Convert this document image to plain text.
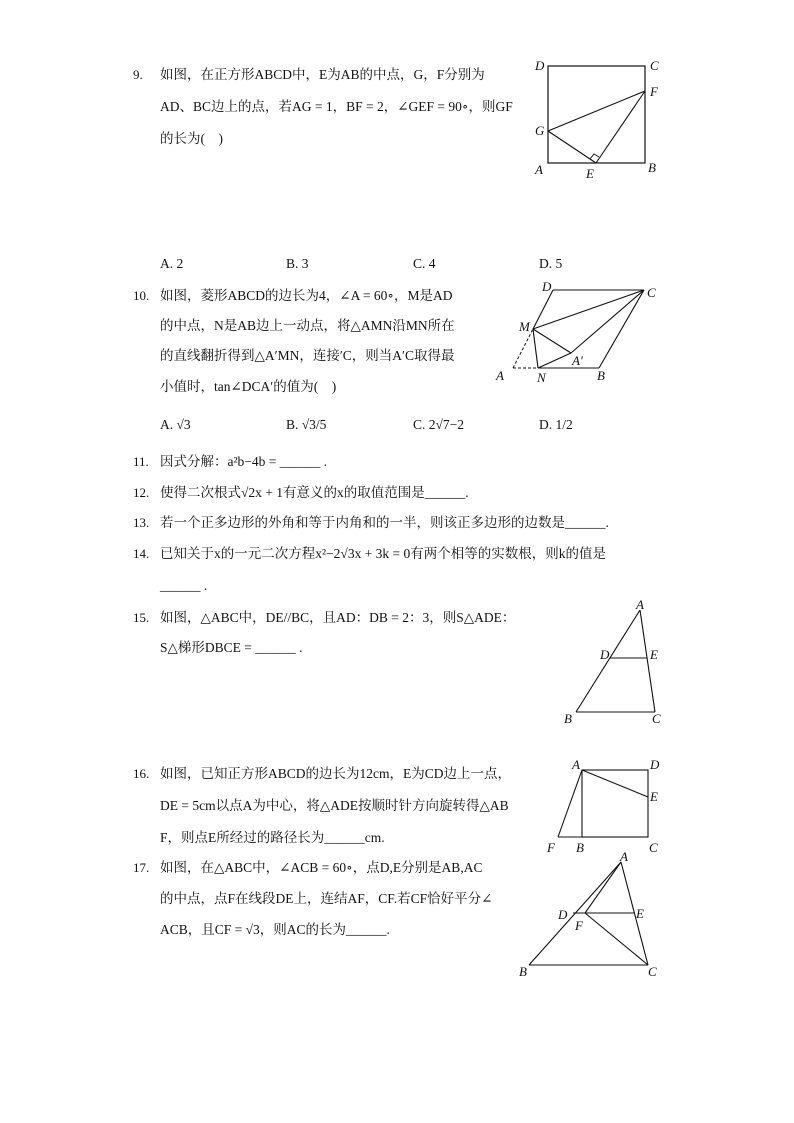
9. 如图，在正方形ABCD中，E为AB的中点，G，F分别为
AD、BC边上的点，若AG = 1，BF = 2，∠GEF = 90∘，则GF
的长为(　)
D	C
F
G
A	E	B
A. 2	B. 3	C. 4	D. 5
10. 如图，菱形ABCD的边长为4，∠A = 60∘，M是AD
的中点，N是AB边上一动点，将△AMN沿MN所在
的直线翻折得到△A′MN，连接′C，则当A′C取得最
小值时，tan∠DCA′的值为(　)
D	C
M
A′
A	N	B
A. √3	B. √3/5	C. 2√7−2	D. 1/2
11. 因式分解：a²b−4b = ______ .
12. 使得二次根式√2x + 1有意义的x的取值范围是______.
13. 若一个正多边形的外角和等于内角和的一半，则该正多边形的边数是______.
14. 已知关于x的一元二次方程x²−2√3x + 3k = 0有两个相等的实数根，则k的值是
______ .
15. 如图，△ABC中，DE//BC，且AD：DB = 2：3，则S△ADE：
S△梯形DBCE = ______ .
A
D	E
B	C
16. 如图，已知正方形ABCD的边长为12cm，E为CD边上一点，
DE = 5cm以点A为中心，将△ADE按顺时针方向旋转得△AB
F，则点E所经过的路径长为______cm.
A	D
E
F B	C
17. 如图，在△ABC中，∠ACB = 60∘，点D,E分别是AB,AC
的中点，点F在线段DE上，连结AF，CF.若CF恰好平分∠
ACB，且CF = √3，则AC的长为______.
A
D	E
F
B	C
